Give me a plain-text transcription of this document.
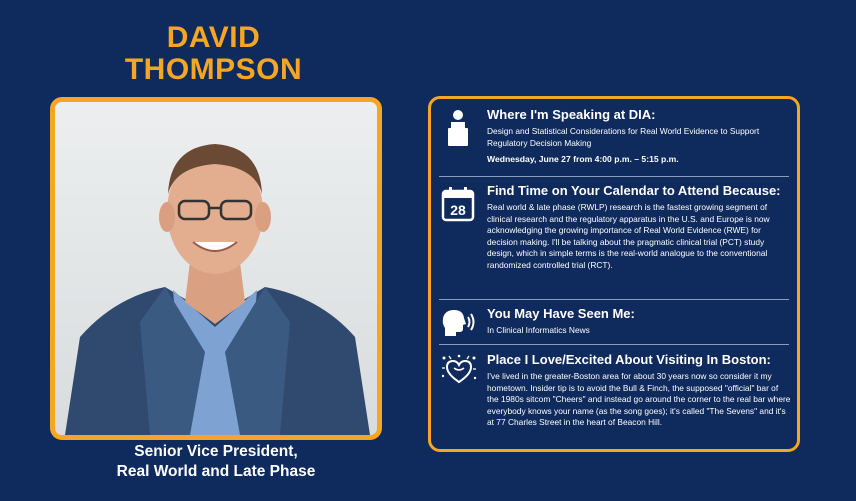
DAVID
THOMPSON
Senior Vice President,
Real World and Late Phase
Where I'm Speaking at DIA:
Design and Statistical Considerations for Real World Evidence to Support Regulatory Decision Making
Wednesday, June 27 from 4:00 p.m. – 5:15 p.m.
28
Find Time on Your Calendar to Attend Because:
Real world & late phase (RWLP) research is the fastest growing segment of clinical research and the regulatory apparatus in the U.S. and Europe is now acknowledging the growing importance of Real World Evidence (RWE) for decision making. I'll be talking about the pragmatic clinical trial (PCT) study design, which in simple terms is the real-world analogue to the conventional randomized controlled trial (RCT).
You May Have Seen Me:
In Clinical Informatics News
Place I Love/Excited About Visiting In Boston:
I've lived in the greater-Boston area for about 30 years now so consider it my hometown. Insider tip is to avoid the Bull & Finch, the supposed "official" bar of the 1980s sitcom "Cheers" and instead go around the corner to the real bar where everybody knows your name (as the song goes); it's called "The Sevens" and it's at 77 Charles Street in the heart of Beacon Hill.
